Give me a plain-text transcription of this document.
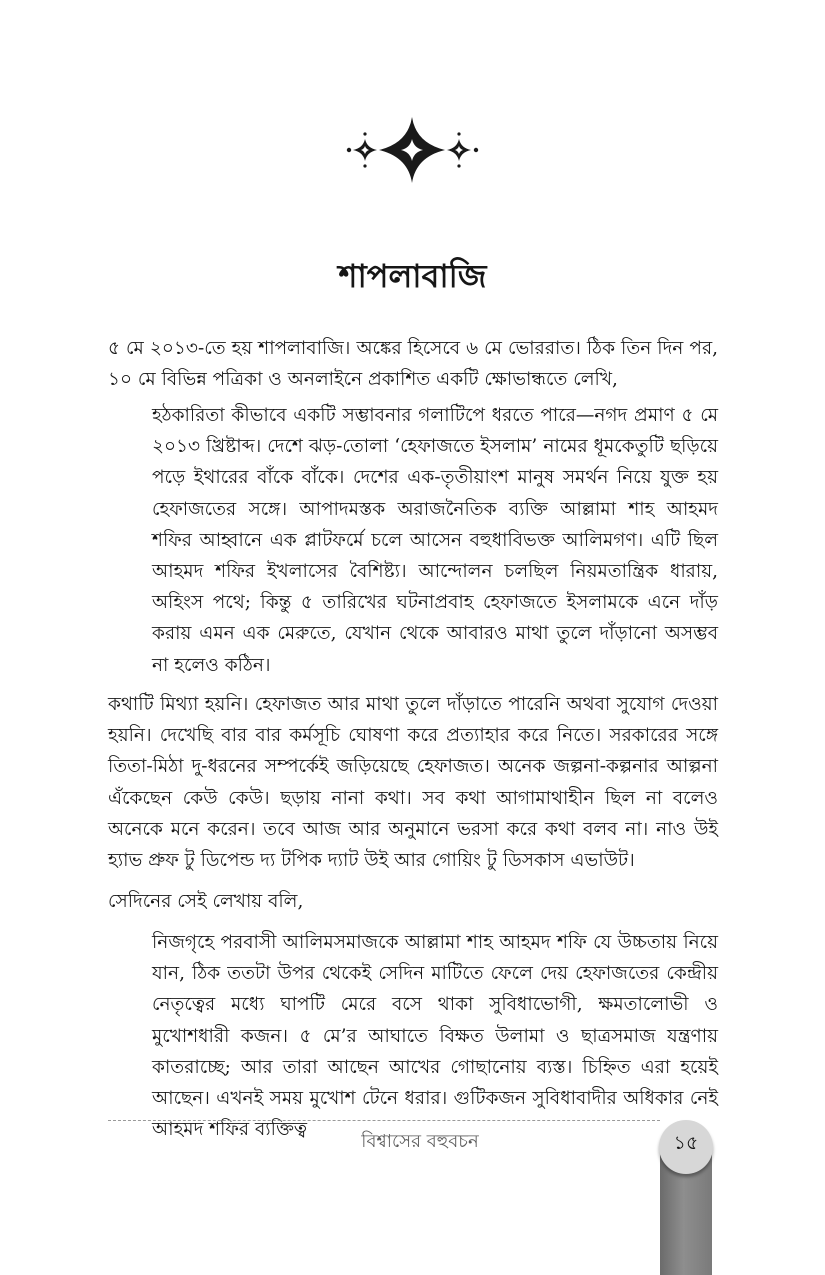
শাপলাবাজি

৫ মে ২০১৩-তে হয় শাপলাবাজি। অঙ্কের হিসেবে ৬ মে ভোররাত। ঠিক তিন দিন পর, ১০ মে বিভিন্ন পত্রিকা ও অনলাইনে প্রকাশিত একটি ক্ষোভান্ধতে লেখি,

হঠকারিতা কীভাবে একটি সম্ভাবনার গলাটিপে ধরতে পারে—নগদ প্রমাণ ৫ মে ২০১৩ খ্রিষ্টাব্দ। দেশে ঝড়-তোলা ‘হেফাজতে ইসলাম’ নামের ধূমকেতুটি ছড়িয়ে পড়ে ইথারের বাঁকে বাঁকে। দেশের এক-তৃতীয়াংশ মানুষ সমর্থন নিয়ে যুক্ত হয় হেফাজতের সঙ্গে। আপাদমস্তক অরাজনৈতিক ব্যক্তি আল্লামা শাহ আহমদ শফির আহ্বানে এক প্লাটফর্মে চলে আসেন বহুধাবিভক্ত আলিমগণ। এটি ছিল আহমদ শফির ইখলাসের বৈশিষ্ট্য। আন্দোলন চলছিল নিয়মতান্ত্রিক ধারায়, অহিংস পথে; কিন্তু ৫ তারিখের ঘটনাপ্রবাহ হেফাজতে ইসলামকে এনে দাঁড় করায় এমন এক মেরুতে, যেখান থেকে আবারও মাথা তুলে দাঁড়ানো অসম্ভব না হলেও কঠিন।

কথাটি মিথ্যা হয়নি। হেফাজত আর মাথা তুলে দাঁড়াতে পারেনি অথবা সুযোগ দেওয়া হয়নি। দেখেছি বার বার কর্মসূচি ঘোষণা করে প্রত্যাহার করে নিতে। সরকারের সঙ্গে তিতা-মিঠা দু-ধরনের সম্পর্কেই জড়িয়েছে হেফাজত। অনেক জল্পনা-কল্পনার আল্পনা এঁকেছেন কেউ কেউ। ছড়ায় নানা কথা। সব কথা আগামাথাহীন ছিল না বলেও অনেকে মনে করেন। তবে আজ আর অনুমানে ভরসা করে কথা বলব না। নাও উই হ্যাভ প্রুফ টু ডিপেন্ড দ্য টপিক দ্যাট উই আর গোয়িং টু ডিসকাস এভাউট।

সেদিনের সেই লেখায় বলি,

নিজগৃহে পরবাসী আলিমসমাজকে আল্লামা শাহ আহমদ শফি যে উচ্চতায় নিয়ে যান, ঠিক ততটা উপর থেকেই সেদিন মাটিতে ফেলে দেয় হেফাজতের কেন্দ্রীয় নেতৃত্বের মধ্যে ঘাপটি মেরে বসে থাকা সুবিধাভোগী, ক্ষমতালোভী ও মুখোশধারী কজন। ৫ মে’র আঘাতে বিক্ষত উলামা ও ছাত্রসমাজ যন্ত্রণায় কাতরাচ্ছে; আর তারা আছেন আখের গোছানোয় ব্যস্ত। চিহ্নিত এরা হয়েই আছেন। এখনই সময় মুখোশ টেনে ধরার। গুটিকজন সুবিধাবাদীর অধিকার নেই আহমদ শফির ব্যক্তিত্ব

বিশ্বাসের বহুবচন	১৫
